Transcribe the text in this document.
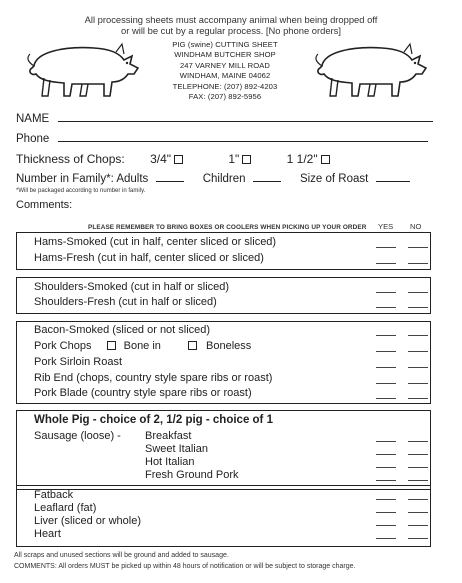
All processing sheets must accompany animal when being dropped off
or will be cut by a regular process. [No phone orders]
PIG (swine) CUTTING SHEET
WINDHAM BUTCHER SHOP
247 VARNEY MILL ROAD
WINDHAM, MAINE 04062
TELEPHONE: (207) 892-4203
FAX: (207) 892-5956
NAME
Phone
Thickness of Chops: 3/4"	1"	1 1/2"
Number in Family*: Adults	Children	Size of Roast
*Will be packaged according to number in family.
Comments:
PLEASE REMEMBER TO BRING BOXES OR COOLERS WHEN PICKING UP YOUR ORDER YES NO
Hams-Smoked (cut in half, center sliced or sliced)
Hams-Fresh (cut in half, center sliced or sliced)
Shoulders-Smoked (cut in half or sliced)
Shoulders-Fresh (cut in half or sliced)
Bacon-Smoked (sliced or not sliced)
Pork Chops	Bone in	Boneless
Pork Sirloin Roast
Rib End (chops, country style spare ribs or roast)
Pork Blade (country style spare ribs or roast)
Whole Pig - choice of 2, 1/2 pig - choice of 1
Sausage (loose) - Breakfast
Sweet Italian
Hot Italian
Fresh Ground Pork
Fatback
Leaflard (fat)
Liver (sliced or whole)
Heart
All scraps and unused sections will be ground and added to sausage.
COMMENTS: All orders MUST be picked up within 48 hours of notification or will be subject to storage charge.
